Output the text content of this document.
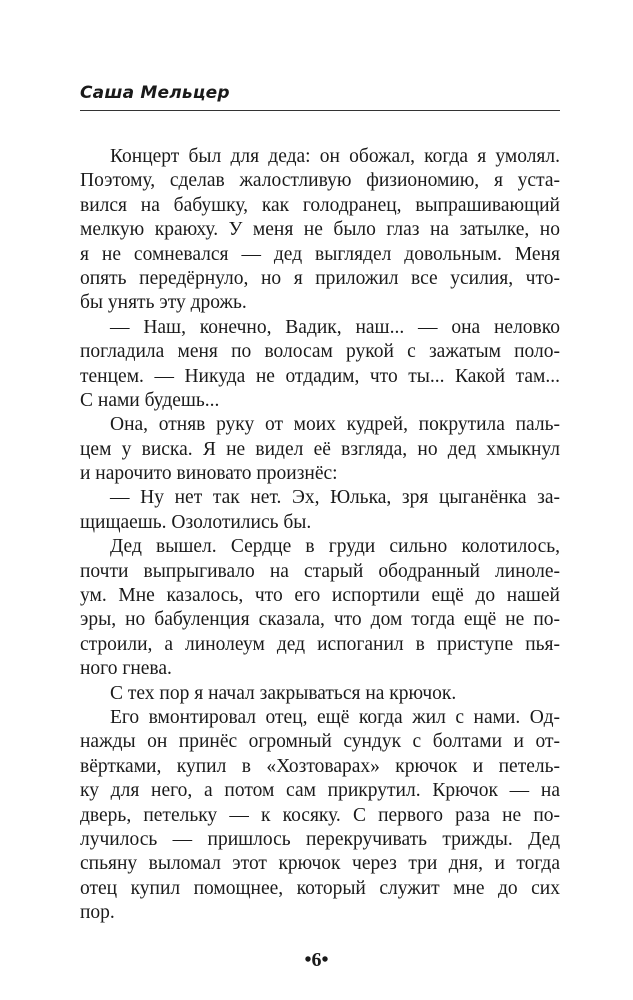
Саша Мельцер
Концерт был для деда: он обожал, когда я умолял.
Поэтому, сделав жалостливую физиономию, я уста-
вился на бабушку, как голодранец, выпрашивающий
мелкую краюху. У меня не было глаз на затылке, но
я не сомневался — дед выглядел довольным. Меня
опять передёрнуло, но я приложил все усилия, что-
бы унять эту дрожь.
— Наш, конечно, Вадик, наш... — она неловко
погладила меня по волосам рукой с зажатым поло-
тенцем. — Никуда не отдадим, что ты... Какой там...
С нами будешь...
Она, отняв руку от моих кудрей, покрутила паль-
цем у виска. Я не видел её взгляда, но дед хмыкнул
и нарочито виновато произнёс:
— Ну нет так нет. Эх, Юлька, зря цыганёнка за-
щищаешь. Озолотились бы.
Дед вышел. Сердце в груди сильно колотилось,
почти выпрыгивало на старый ободранный линоле-
ум. Мне казалось, что его испортили ещё до нашей
эры, но бабуленция сказала, что дом тогда ещё не по-
строили, а линолеум дед испоганил в приступе пья-
ного гнева.
С тех пор я начал закрываться на крючок.
Его вмонтировал отец, ещё когда жил с нами. Од-
нажды он принёс огромный сундук с болтами и от-
вёртками, купил в «Хозтоварах» крючок и петель-
ку для него, а потом сам прикрутил. Крючок — на
дверь, петельку — к косяку. С первого раза не по-
лучилось — пришлось перекручивать трижды. Дед
спьяну выломал этот крючок через три дня, и тогда
отец купил помощнее, который служит мне до сих
пор.
•6•
